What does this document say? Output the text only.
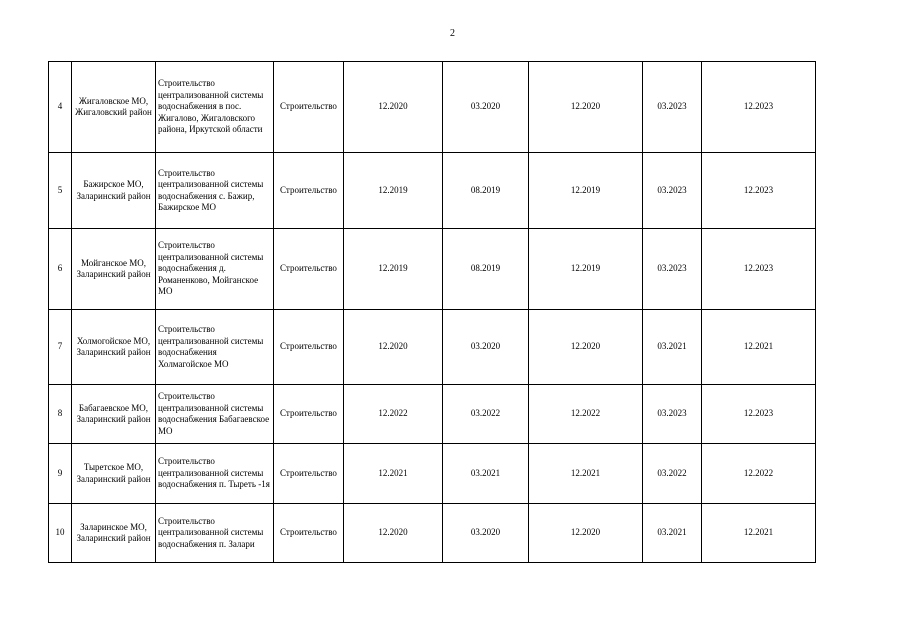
2
4	Жигаловское МО, Жигаловский район	Строительство централизованной системы водоснабжения в пос. Жигалово, Жигаловского района, Иркутской области	Строительство	12.2020	03.2020	12.2020	03.2023	12.2023
5	Бажирское МО, Заларинский район	Строительство централизованной системы водоснабжения с. Бажир, Бажирское МО	Строительство	12.2019	08.2019	12.2019	03.2023	12.2023
6	Мойганское МО, Заларинский район	Строительство централизованной системы водоснабжения д. Романенково, Мойганское МО	Строительство	12.2019	08.2019	12.2019	03.2023	12.2023
7	Холмогойское МО, Заларинский район	Строительство централизованной системы водоснабжения Холмагойское МО	Строительство	12.2020	03.2020	12.2020	03.2021	12.2021
8	Бабагаевское МО, Заларинский район	Строительство централизованной системы водоснабжения Бабагаевское МО	Строительство	12.2022	03.2022	12.2022	03.2023	12.2023
9	Тыретское МО, Заларинский район	Строительство централизованной системы водоснабжения п. Тыреть -1я	Строительство	12.2021	03.2021	12.2021	03.2022	12.2022
10	Заларинское МО, Заларинский район	Строительство централизованной системы водоснабжения п. Залари	Строительство	12.2020	03.2020	12.2020	03.2021	12.2021
